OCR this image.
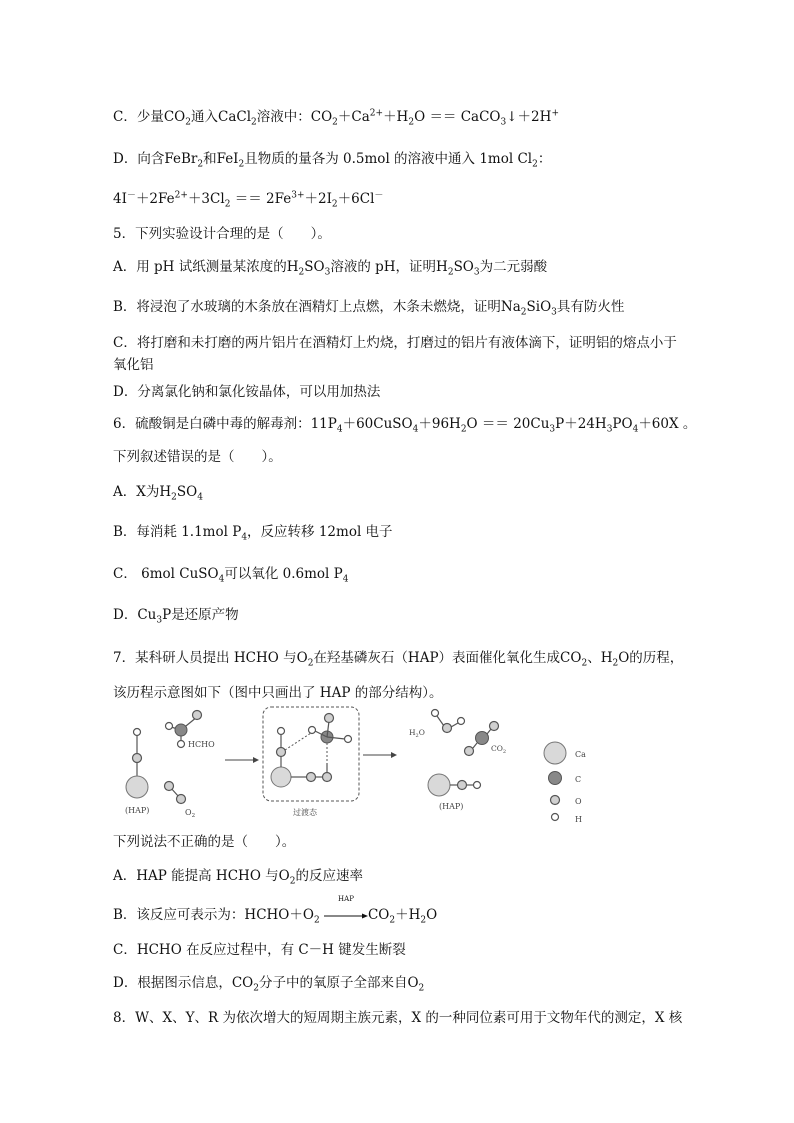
C．少量$CO_2$通入CaCl$_2$溶液中：$CO_2+Ca^{2+}+H_2O$ ＝＝ CaCO$_3$↓＋2H+
D．向含FeBr$_2$和FeI$_2$且物质的量各为 0.5mol 的溶液中通入 1mol $Cl_2$：
$4I^-+2Fe^{2+}+3Cl_2 == 2Fe^{3+}+2I_2+6Cl^-$
5．下列实验设计合理的是（　　）。
A．用 pH 试纸测量某浓度的$H_2SO_3$溶液的 pH，证明$H_2SO_3$为二元弱酸
B．将浸泡了水玻璃的木条放在酒精灯上点燃，木条未燃烧，证明$Na_2SiO_3$具有防火性
C．将打磨和未打磨的两片铝片在酒精灯上灼烧，打磨过的铝片有液体滴下，证明铝的熔点小于
氧化铝
D．分离氯化钠和氯化铵晶体，可以用加热法
6．硫酸铜是白磷中毒的解毒剂：$11P_4+60CuSO_4+96H_2O == 20Cu_3P+24H_3PO_4+60X$ 。
下列叙述错误的是（　　）。
A．X为$H_2SO_4$
B．每消耗 1.1mol $P_4$，反应转移 12mol 电子
C． 6mol CuSO$_4$可以氧化 0.6mol $P_4$
D．$Cu_3P$是还原产物
7．某科研人员提出 HCHO 与$O_2$在羟基磷灰石（HAP）表面催化氧化生成$CO_2$、$H_2O$的历程，
该历程示意图如下（图中只画出了 HAP 的部分结构）。
(HAP)
HCHO
$O_2$	过渡态
$H_2O$
$CO_2$
(HAP)
Ca
C
O
H
下列说法不正确的是（　　）。
A．HAP 能提高 HCHO 与$O_2$的反应速率
B．该反应可表示为：$HCHO+O_2$
HAP
$CO_2+H_2O$
C．HCHO 在反应过程中，有 C－H 键发生断裂
D．根据图示信息，$CO_2$分子中的氧原子全部来自$O_2$
8．W、X、Y、R 为依次增大的短周期主族元素，X 的一种同位素可用于文物年代的测定，X 核
